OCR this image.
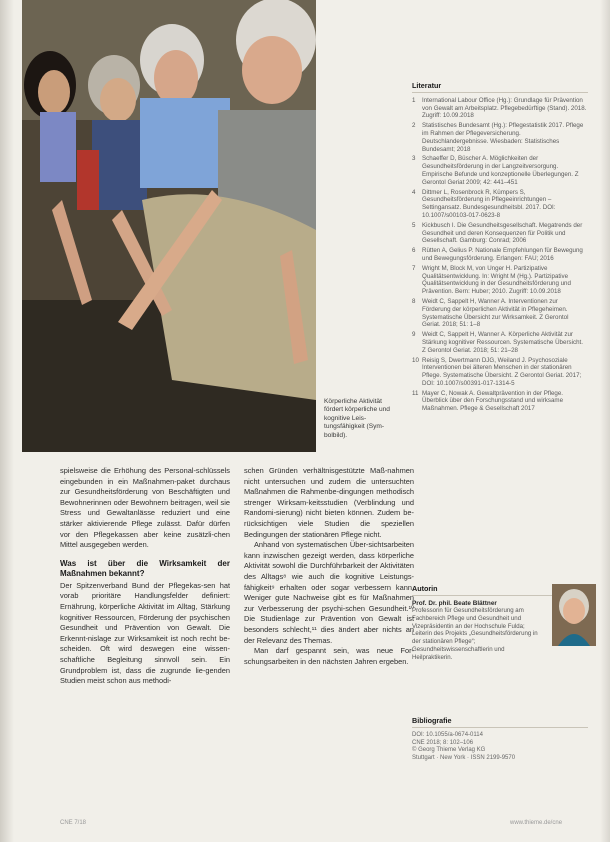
Körperliche Aktivität fördert körperliche und kognitive Leis-tungsfähigkeit (Sym-bolbild).

spielsweise die Erhöhung des Personal-schlüssels eingebunden in ein Maßnahmen-paket durchaus zur Gesundheitsförderung von Beschäftigten und Bewohnerinnen oder Bewohnern beitragen, weil sie Stress und Gewaltanlässe reduziert und eine stärker aktivierende Pflege zulässt. Dafür dürfen vor den Pflegekassen aber keine zusätzli-chen Mittel ausgegeben werden.

Was ist über die Wirksamkeit der Maßnahmen bekannt?

Der Spitzenverband Bund der Pflegekas-sen hat vorab prioritäre Handlungsfelder definiert: Ernährung, körperliche Aktivität im Alltag, Stärkung kognitiver Ressourcen, Förderung der psychischen Gesundheit und Prävention von Gewalt. Die Erkennt-nislage zur Wirksamkeit ist noch recht be-scheiden. Oft wird deswegen eine wissen-schaftliche Begleitung sinnvoll sein. Ein Grundproblem ist, dass die zugrunde lie-genden Studien meist schon aus methodi-

schen Gründen verhältnisgestützte Maß-nahmen nicht untersuchen und zudem die untersuchten Maßnahmen die Rahmenbe-dingungen methodisch strenger Wirksam-keitsstudien (Verblindung und Randomi-sierung) nicht bieten können. Zudem be-rücksichtigen viele Studien die speziellen Bedingungen der stationären Pflege nicht.

Anhand von systematischen Über-sichtsarbeiten kann inzwischen gezeigt werden, dass körperliche Aktivität sowohl die Durchführbarkeit der Aktivitäten des Alltags⁸ wie auch die kognitive Leistungs-fähigkeit⁹ erhalten oder sogar verbessern kann. Weniger gute Nachweise gibt es für Maßnahmen zur Verbesserung der psychi-schen Gesundheit.¹⁰ Die Studienlage zur Prävention von Gewalt ist besonders schlecht,¹¹ dies ändert aber nichts an der Relevanz des Themas.

Man darf gespannt sein, was neue For-schungsarbeiten in den nächsten Jahren ergeben.

Literatur
1	International Labour Office (Hg.): Grundlage für Prävention von Gewalt am Arbeitsplatz. Pflegebedürftige (Stand). 2018. Zugriff: 10.09.2018
2	Statistisches Bundesamt (Hg.): Pflegestatistik 2017. Pflege im Rahmen der Pflegeversicherung. Deutschlandergebnisse. Wiesbaden: Statistisches Bundesamt; 2018
3	Schaeffer D, Büscher A. Möglichkeiten der Gesundheitsförderung in der Langzeitversorgung. Empirische Befunde und konzeptionelle Überlegungen. Z Gerontol Geriat 2009; 42: 441–451
4	Dittmer L, Rosenbrock R, Kümpers S, Gesundheitsförderung in Pflegeeinrichtungen – Settingansatz. Bundesgesundheitsbl. 2017. DOI: 10.1007/s00103-017-0623-8
5	Kickbusch I. Die Gesundheitsgesellschaft. Megatrends der Gesundheit und deren Konsequenzen für Politik und Gesellschaft. Gamburg: Conrad; 2006
6	Rütten A, Gelius P. Nationale Empfehlungen für Bewegung und Bewegungsförderung. Erlangen: FAU; 2016
7	Wright M, Block M, von Unger H. Partizipative Qualitätsentwicklung. In: Wright M (Hg.). Partizipative Qualitätsentwicklung in der Gesundheitsförderung und Prävention. Bern: Huber; 2010. Zugriff: 10.09.2018
8	Weidt C, Sappelt H, Wanner A. Interventionen zur Förderung der körperlichen Aktivität in Pflegeheimen. Systematische Übersicht zur Wirksamkeit. Z Gerontol Geriat. 2018; 51: 1–8
9	Weidt C, Sappelt H, Wanner A. Körperliche Aktivität zur Stärkung kognitiver Ressourcen. Systematische Übersicht. Z Gerontol Geriat. 2018; 51: 21–28
10 Reisig S, Dwertmann DJG, Weiland J. Psychosoziale Interventionen bei älteren Menschen in der stationären Pflege. Systematische Übersicht. Z Gerontol Geriat. 2017; DOI: 10.1007/s00391-017-1314-5
11 Mayer C, Nowak A. Gewaltprävention in der Pflege. Überblick über den Forschungsstand und wirksame Maßnahmen. Pflege & Gesellschaft 2017
Autorin
Prof. Dr. phil. Beate Blättner
Professorin für Gesundheitsförderung am Fachbereich Pflege und Gesundheit und Vizepräsidentin an der Hochschule Fulda; Leiterin des Projekts „Gesundheitsförderung in der stationären Pflege“; Gesundheitswissenschaftlerin und Heilpraktikerin.
Bibliografie
DOI: 10.1055/a-0674-0114
CNE 2018; 8: 102–106
© Georg Thieme Verlag KG
Stuttgart · New York · ISSN 2199-9570
CNE 7/18	www.thieme.de/cne
